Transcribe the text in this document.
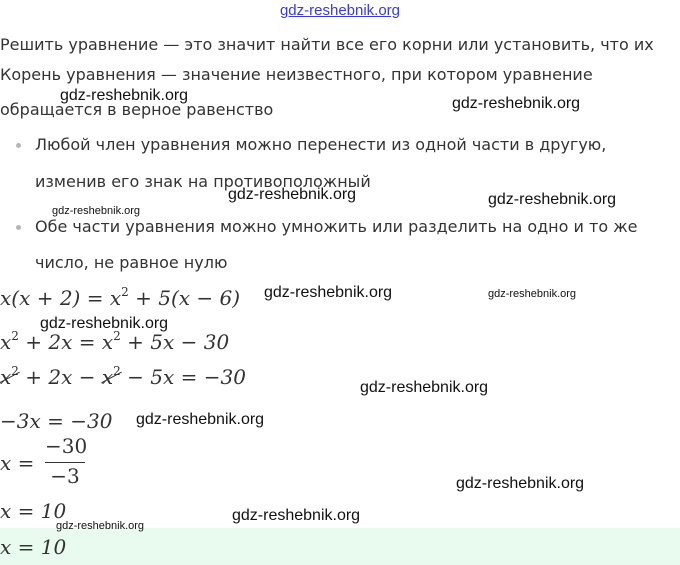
gdz-reshebnik.org
Решить уравнение — это значит найти все его корни или установить, что их
Корень уравнения — значение неизвестного, при котором уравнение
обращается в верное равенство
Любой член уравнения можно перенести из одной части в другую,
изменив его знак на противоположный
Обе части уравнения можно умножить или разделить на одно и то же
число, не равное нулю
$x(x + 2) = x^2 + 5(x - 6)$
$x^2 + 2x = x^2 + 5x - 30$
$x^2 + 2x - x^2 - 5x = -30$
−3x = −30
x =
−30
−3
x = 10
x = 10
gdz-reshebnik.org	gdz-reshebnik.org
gdz-reshebnik.org	gdz-reshebnik.org
gdz-reshebnik.org
gdz-reshebnik.org	gdz-reshebnik.org
gdz-reshebnik.org
gdz-reshebnik.org
gdz-reshebnik.org
gdz-reshebnik.org
gdz-reshebnik.org
gdz-reshebnik.org
